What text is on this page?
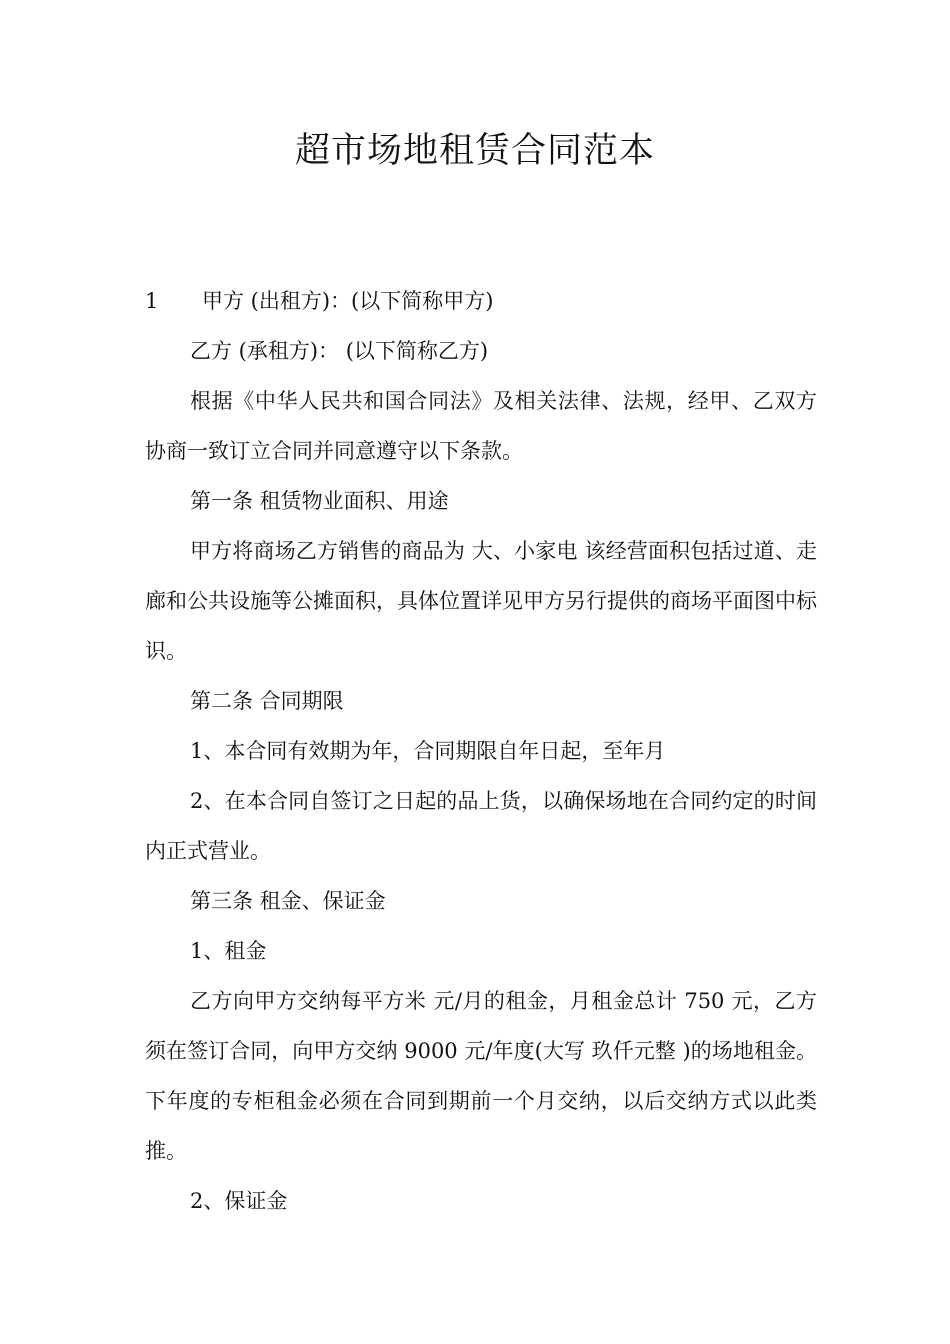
超市场地租赁合同范本

1 甲方 (出租方)：(以下简称甲方)

乙方 (承租方)： (以下简称乙方)

根据《中华人民共和国合同法》及相关法律、法规，经甲、乙双方协商一致订立合同并同意遵守以下条款。

第一条 租赁物业面积、用途

甲方将商场乙方销售的商品为 大、小家电 该经营面积包括过道、走廊和公共设施等公摊面积，具体位置详见甲方另行提供的商场平面图中标识。

第二条 合同期限

1、本合同有效期为年，合同期限自年日起，至年月

2、在本合同自签订之日起的品上货，以确保场地在合同约定的时间内正式营业。

第三条 租金、保证金

1、租金

乙方向甲方交纳每平方米 元/月的租金，月租金总计 750 元，乙方须在签订合同，向甲方交纳 9000 元/年度(大写 玖仟元整 )的场地租金。下年度的专柜租金必须在合同到期前一个月交纳，以后交纳方式以此类推。

2、保证金
